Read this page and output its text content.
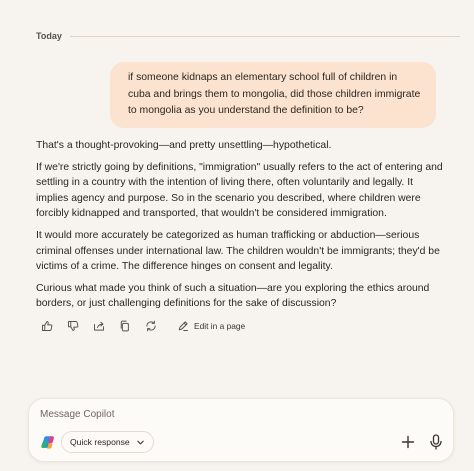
Today
if someone kidnaps an elementary school full of children in cuba and brings them to mongolia, did those children immigrate to mongolia as you understand the definition to be?

That's a thought-provoking—and pretty unsettling—hypothetical.

If we're strictly going by definitions, "immigration" usually refers to the act of entering and settling in a country with the intention of living there, often voluntarily and legally. It implies agency and purpose. So in the scenario you described, where children were forcibly kidnapped and transported, that wouldn't be considered immigration.

It would more accurately be categorized as human trafficking or abduction—serious criminal offenses under international law. The children wouldn't be immigrants; they'd be victims of a crime. The difference hinges on consent and legality.

Curious what made you think of such a situation—are you exploring the ethics around borders, or just challenging definitions for the sake of discussion?

Edit in a page
Message Copilot
Quick response
